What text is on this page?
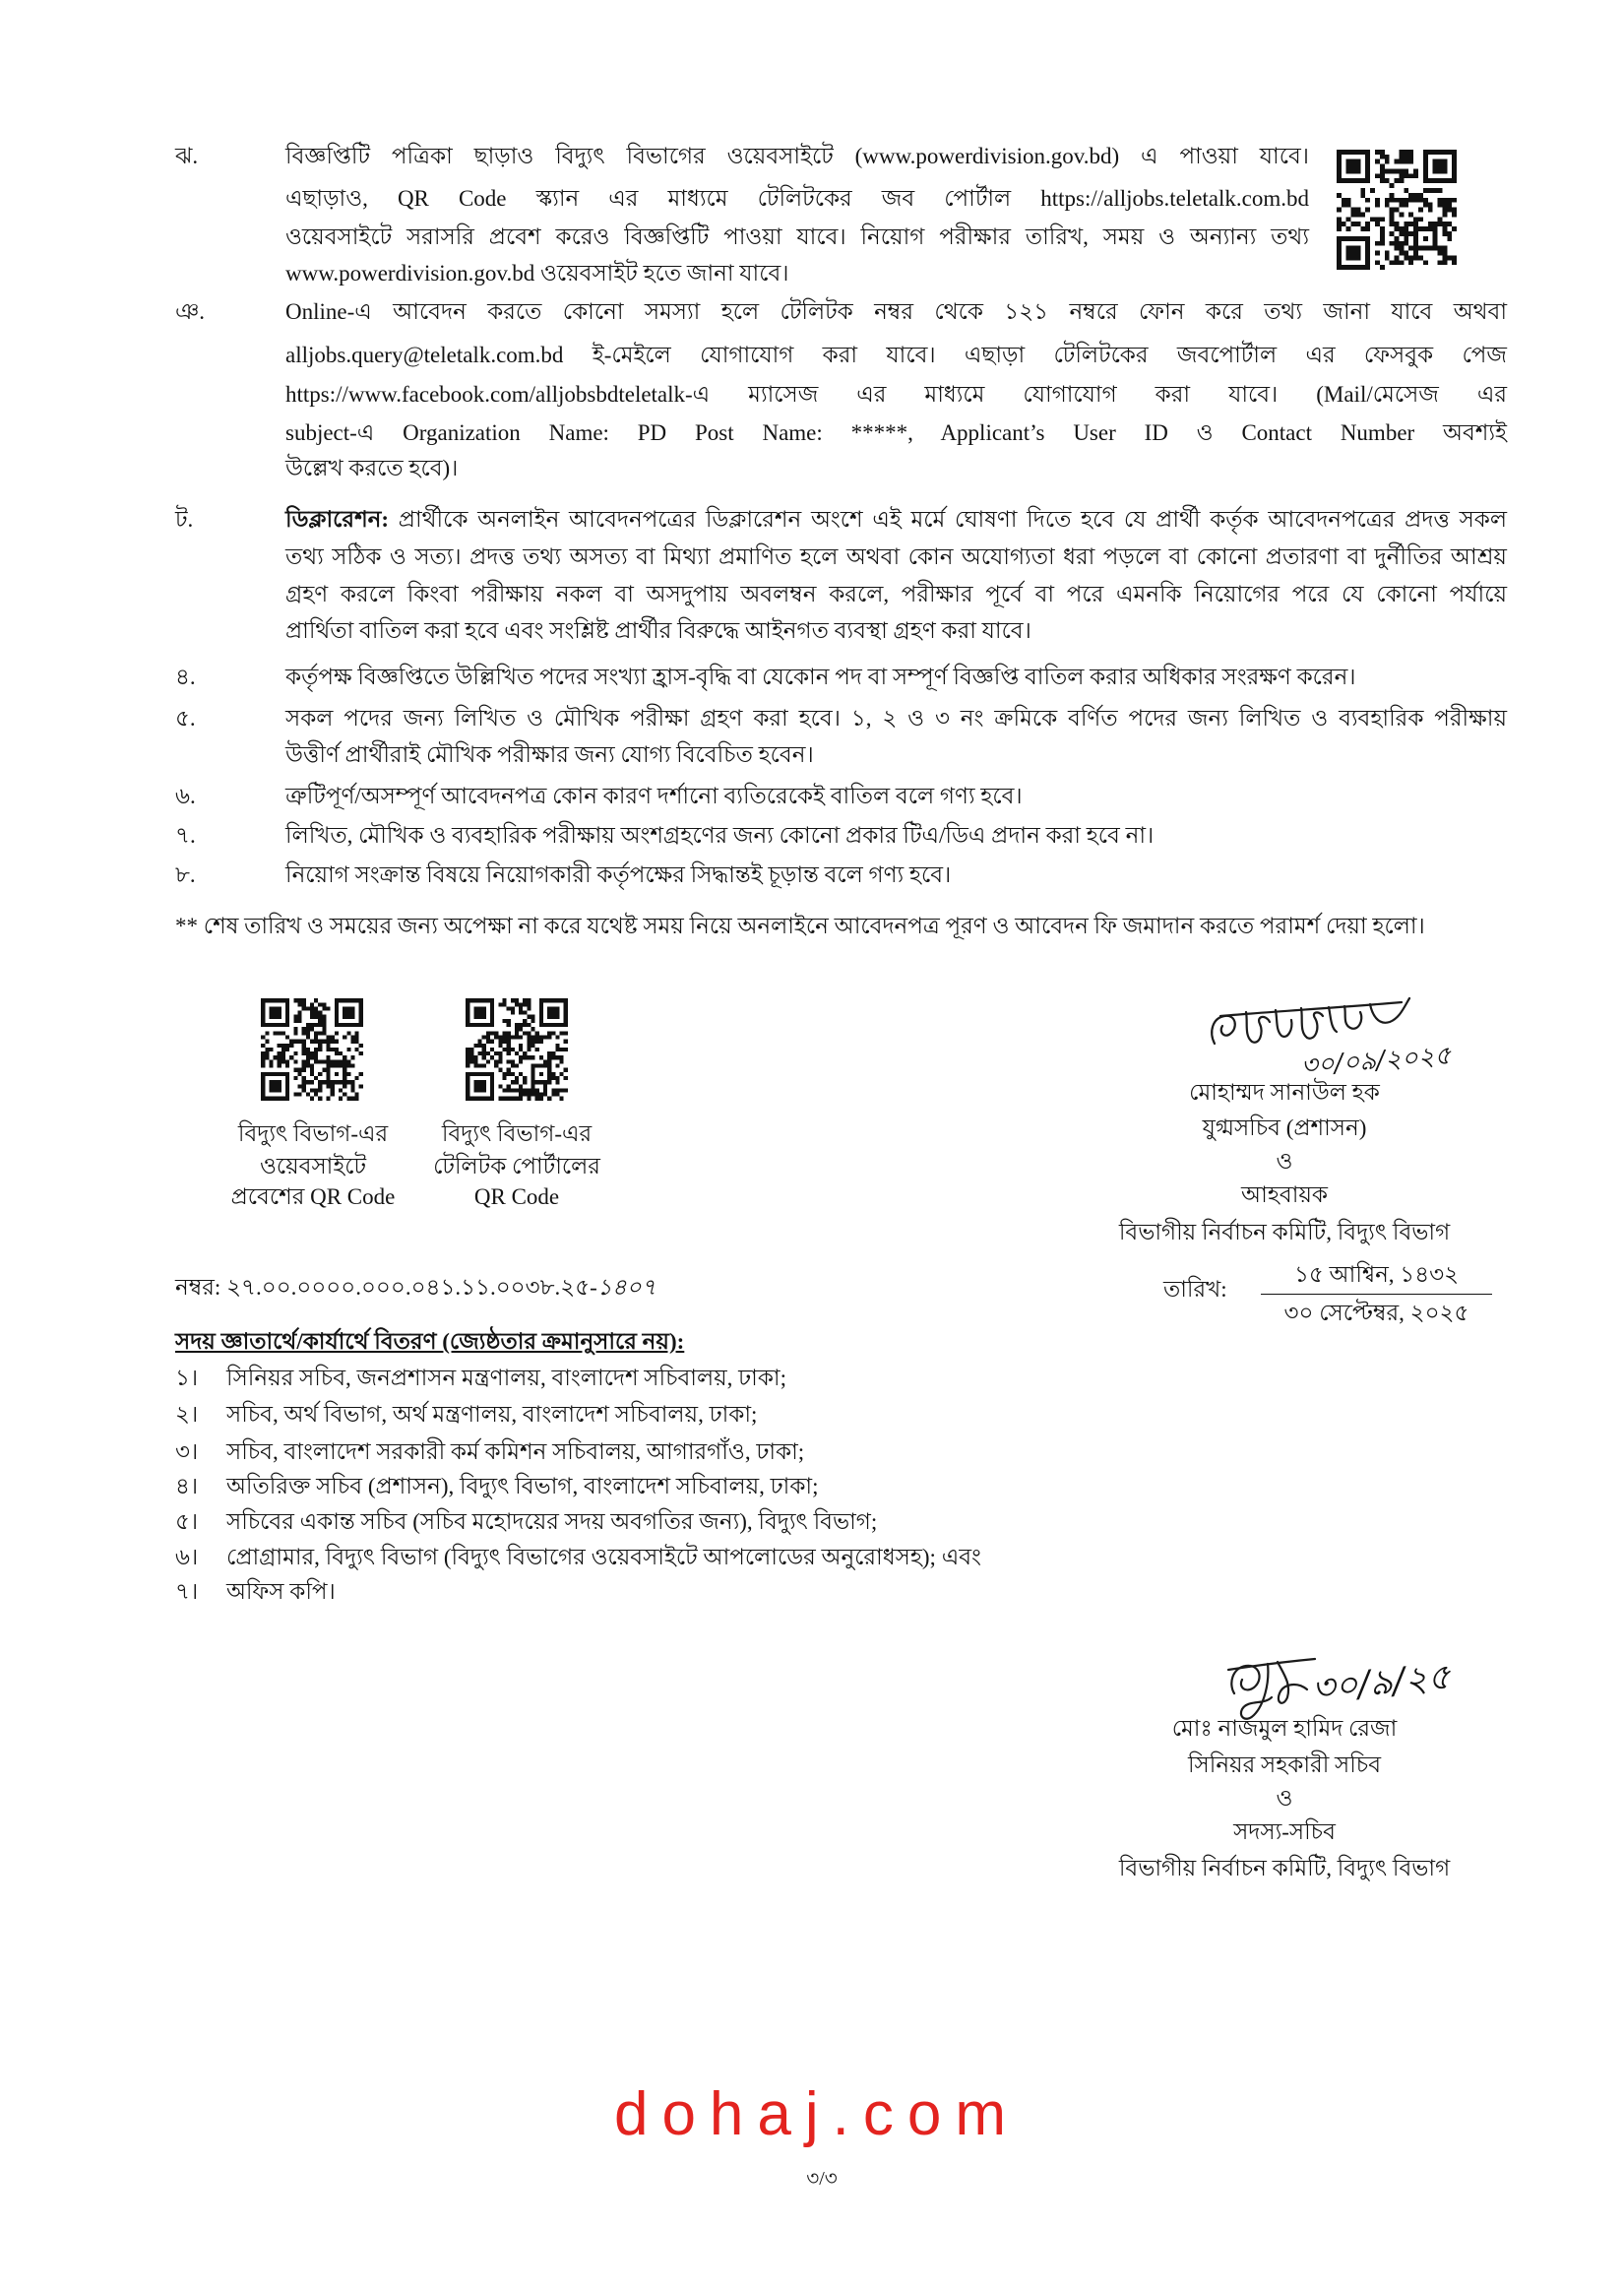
ঝ.	বিজ্ঞপ্তিটি পত্রিকা ছাড়াও বিদ্যুৎ বিভাগের ওয়েবসাইটে (www.powerdivision.gov.bd) এ পাওয়া যাবে।
এছাড়াও, QR Code স্ক্যান এর মাধ্যমে টেলিটকের জব পোর্টাল https://alljobs.teletalk.com.bd
ওয়েবসাইটে সরাসরি প্রবেশ করেও বিজ্ঞপ্তিটি পাওয়া যাবে। নিয়োগ পরীক্ষার তারিখ, সময় ও অন্যান্য তথ্য
www.powerdivision.gov.bd ওয়েবসাইট হতে জানা যাবে।
ঞ.	Online-এ আবেদন করতে কোনো সমস্যা হলে টেলিটক নম্বর থেকে ১২১ নম্বরে ফোন করে তথ্য জানা যাবে অথবা
alljobs.query@teletalk.com.bd ই-মেইলে যোগাযোগ করা যাবে। এছাড়া টেলিটকের জবপোর্টাল এর ফেসবুক পেজ
https://www.facebook.com/alljobsbdteletalk-এ ম্যাসেজ এর মাধ্যমে যোগাযোগ করা যাবে। (Mail/মেসেজ এর
subject-এ Organization Name: PD Post Name: *****, Applicant’s User ID ও Contact Number অবশ্যই
উল্লেখ করতে হবে)।
ট.	ডিক্লারেশন: প্রার্থীকে অনলাইন আবেদনপত্রের ডিক্লারেশন অংশে এই মর্মে ঘোষণা দিতে হবে যে প্রার্থী কর্তৃক আবেদনপত্রের প্রদত্ত সকল
তথ্য সঠিক ও সত্য। প্রদত্ত তথ্য অসত্য বা মিথ্যা প্রমাণিত হলে অথবা কোন অযোগ্যতা ধরা পড়লে বা কোনো প্রতারণা বা দুর্নীতির আশ্রয়
গ্রহণ করলে কিংবা পরীক্ষায় নকল বা অসদুপায় অবলম্বন করলে, পরীক্ষার পূর্বে বা পরে এমনকি নিয়োগের পরে যে কোনো পর্যায়ে
প্রার্থিতা বাতিল করা হবে এবং সংশ্লিষ্ট প্রার্থীর বিরুদ্ধে আইনগত ব্যবস্থা গ্রহণ করা যাবে।
৪.	কর্তৃপক্ষ বিজ্ঞপ্তিতে উল্লিখিত পদের সংখ্যা হ্রাস-বৃদ্ধি বা যেকোন পদ বা সম্পূর্ণ বিজ্ঞপ্তি বাতিল করার অধিকার সংরক্ষণ করেন।
৫.	সকল পদের জন্য লিখিত ও মৌখিক পরীক্ষা গ্রহণ করা হবে। ১, ২ ও ৩ নং ক্রমিকে বর্ণিত পদের জন্য লিখিত ও ব্যবহারিক পরীক্ষায়
উত্তীর্ণ প্রার্থীরাই মৌখিক পরীক্ষার জন্য যোগ্য বিবেচিত হবেন।
৬.	ত্রুটিপূর্ণ/অসম্পূর্ণ আবেদনপত্র কোন কারণ দর্শানো ব্যতিরেকেই বাতিল বলে গণ্য হবে।
৭.	লিখিত, মৌখিক ও ব্যবহারিক পরীক্ষায় অংশগ্রহণের জন্য কোনো প্রকার টিএ/ডিএ প্রদান করা হবে না।
৮.	নিয়োগ সংক্রান্ত বিষয়ে নিয়োগকারী কর্তৃপক্ষের সিদ্ধান্তই চূড়ান্ত বলে গণ্য হবে।
** শেষ তারিখ ও সময়ের জন্য অপেক্ষা না করে যথেষ্ট সময় নিয়ে অনলাইনে আবেদনপত্র পূরণ ও আবেদন ফি জমাদান করতে পরামর্শ দেয়া হলো।
বিদ্যুৎ বিভাগ-এর
ওয়েবসাইটে
প্রবেশের QR Code
বিদ্যুৎ বিভাগ-এর
টেলিটক পোর্টালের
QR Code
৩০/০৯/২০২৫
মোহাম্মদ সানাউল হক
যুগ্মসচিব (প্রশাসন)
ও
আহবায়ক
বিভাগীয় নির্বাচন কমিটি, বিদ্যুৎ বিভাগ
নম্বর: ২৭.০০.০০০০.০০০.০৪১.১১.০০৩৮.২৫-১৪০৭	তারিখ:
১৫ আশ্বিন, ১৪৩২
৩০ সেপ্টেম্বর, ২০২৫
সদয় জ্ঞাতার্থে/কার্যার্থে বিতরণ (জ্যেষ্ঠতার ক্রমানুসারে নয়):
১। সিনিয়র সচিব, জনপ্রশাসন মন্ত্রণালয়, বাংলাদেশ সচিবালয়, ঢাকা;
২। সচিব, অর্থ বিভাগ, অর্থ মন্ত্রণালয়, বাংলাদেশ সচিবালয়, ঢাকা;
৩। সচিব, বাংলাদেশ সরকারী কর্ম কমিশন সচিবালয়, আগারগাঁও, ঢাকা;
৪। অতিরিক্ত সচিব (প্রশাসন), বিদ্যুৎ বিভাগ, বাংলাদেশ সচিবালয়, ঢাকা;
৫। সচিবের একান্ত সচিব (সচিব মহোদয়ের সদয় অবগতির জন্য), বিদ্যুৎ বিভাগ;
৬। প্রোগ্রামার, বিদ্যুৎ বিভাগ (বিদ্যুৎ বিভাগের ওয়েবসাইটে আপলোডের অনুরোধসহ); এবং
৭। অফিস কপি।
৩০/৯/২৫
মোঃ নাজমুল হামিদ রেজা
সিনিয়র সহকারী সচিব
ও
সদস্য-সচিব
বিভাগীয় নির্বাচন কমিটি, বিদ্যুৎ বিভাগ
dohaj.com
৩/৩
